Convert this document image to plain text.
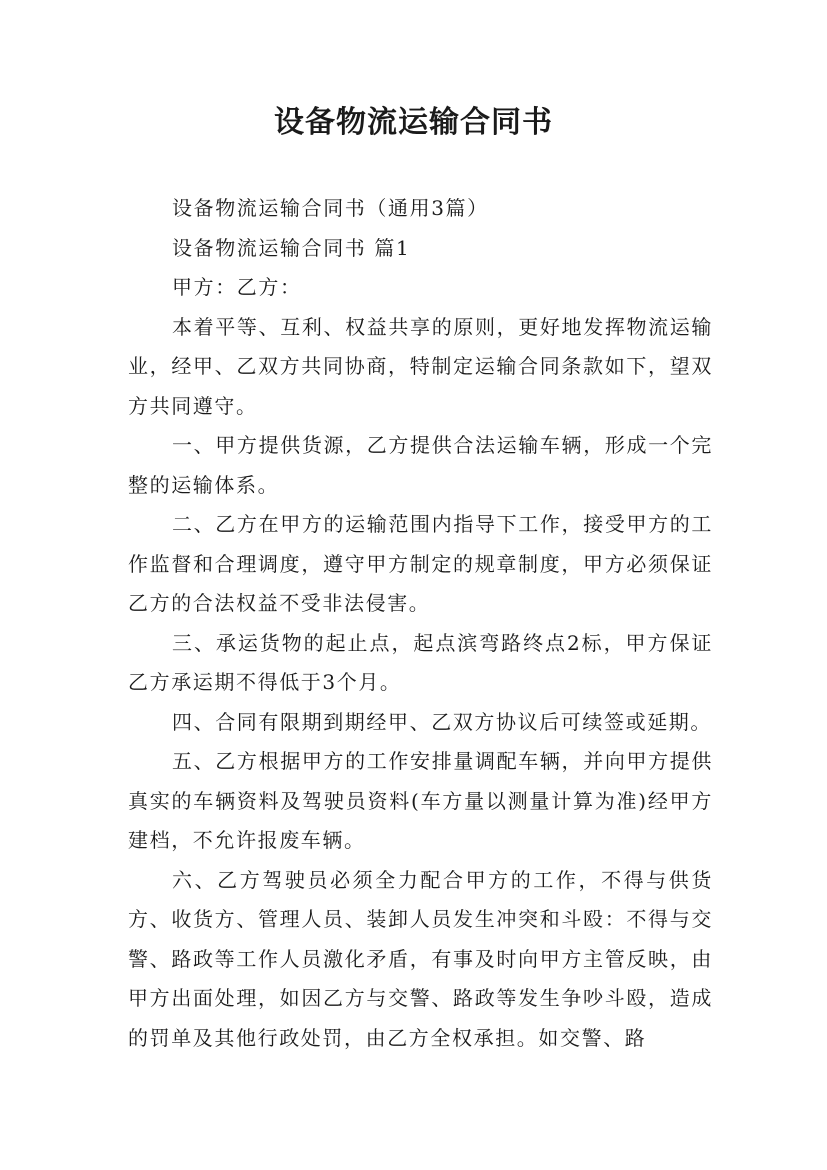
设备物流运输合同书

设备物流运输合同书（通用3篇）

设备物流运输合同书 篇1

甲方：乙方：

本着平等、互利、权益共享的原则，更好地发挥物流运输业，经甲、乙双方共同协商，特制定运输合同条款如下，望双方共同遵守。

一、甲方提供货源，乙方提供合法运输车辆，形成一个完整的运输体系。

二、乙方在甲方的运输范围内指导下工作，接受甲方的工作监督和合理调度，遵守甲方制定的规章制度，甲方必须保证乙方的合法权益不受非法侵害。

三、承运货物的起止点，起点滨弯路终点2标，甲方保证乙方承运期不得低于3个月。

四、合同有限期到期经甲、乙双方协议后可续签或延期。

五、乙方根据甲方的工作安排量调配车辆，并向甲方提供真实的车辆资料及驾驶员资料(车方量以测量计算为准)经甲方建档，不允许报废车辆。

六、乙方驾驶员必须全力配合甲方的工作，不得与供货方、收货方、管理人员、装卸人员发生冲突和斗殴：不得与交警、路政等工作人员激化矛盾，有事及时向甲方主管反映，由甲方出面处理，如因乙方与交警、路政等发生争吵斗殴，造成的罚单及其他行政处罚，由乙方全权承担。如交警、路
